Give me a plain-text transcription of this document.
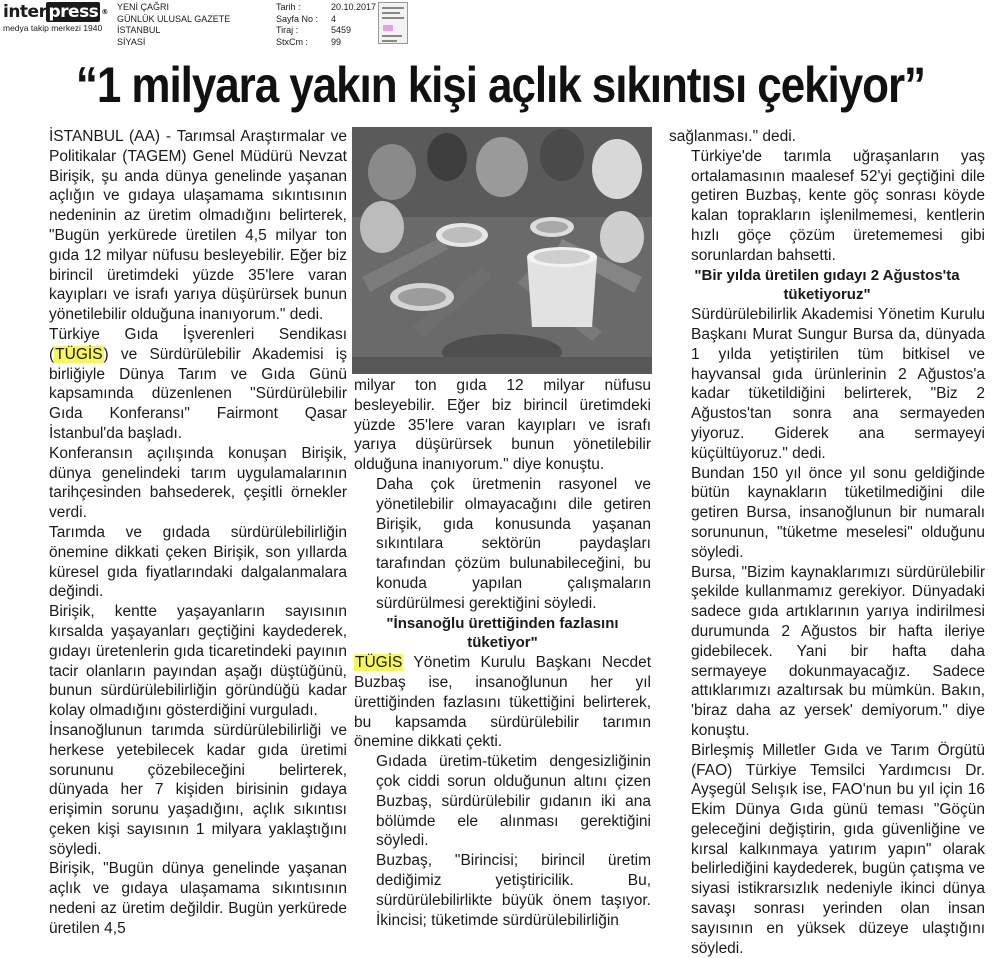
inter press ®
medya takip merkezi 1940
YENİ ÇAĞRI
GÜNLÜK ULUSAL GAZETE
İSTANBUL
SİYASİ
Tarih :	20.10.2017
Sayfa No :	4
Tiraj :	5459
StxCm :	99
“1 milyara yakın kişi açlık sıkıntısı çekiyor”

İSTANBUL (AA) - Tarımsal Araştırmalar ve Politikalar (TAGEM) Genel Müdürü Nevzat Birişik, şu anda dünya genelinde yaşanan açlığın ve gıdaya ulaşamama sıkıntısının nedeninin az üretim olmadığını belirterek, "Bugün yerkürede üretilen 4,5 milyar ton gıda 12 milyar nüfusu besleyebilir. Eğer biz birincil üretimdeki yüzde 35'lere varan kayıpları ve israfı yarıya düşürürsek bunun yönetilebilir olduğuna inanıyorum." dedi.

Türkiye Gıda İşverenleri Sendikası (TÜGİS) ve Sürdürülebilir Akademisi iş birliğiyle Dünya Tarım ve Gıda Günü kapsamında düzenlenen "Sürdürülebilir Gıda Konferansı" Fairmont Qasar İstanbul'da başladı.

Konferansın açılışında konuşan Birişik, dünya genelindeki tarım uygulamalarının tarihçesinden bahsederek, çeşitli örnekler verdi.

Tarımda ve gıdada sürdürülebilirliğin önemine dikkati çeken Birişik, son yıllarda küresel gıda fiyatlarındaki dalgalanmalara değindi.

Birişik, kentte yaşayanların sayısının kırsalda yaşayanları geçtiğini kaydederek, gıdayı üretenlerin gıda ticaretindeki payının tacir olanların payından aşağı düştüğünü, bunun sürdürülebilirliğin göründüğü kadar kolay olmadığını gösterdiğini vurguladı.

İnsanoğlunun tarımda sürdürülebilirliği ve herkese yetebilecek kadar gıda üretimi sorununu çözebileceğini belirterek, dünyada her 7 kişiden birisinin gıdaya erişimin sorunu yaşadığını, açlık sıkıntısı çeken kişi sayısının 1 milyara yaklaştığını söyledi.

Birişik, "Bugün dünya genelinde yaşanan açlık ve gıdaya ulaşamama sıkıntısının nedeni az üretim değildir. Bugün yerkürede üretilen 4,5

milyar ton gıda 12 milyar nüfusu besleyebilir. Eğer biz birincil üretimdeki yüzde 35'lere varan kayıpları ve israfı yarıya düşürürsek bunun yönetilebilir olduğuna inanıyorum." diye konuştu.

Daha çok üretmenin rasyonel ve yönetilebilir olmayacağını dile getiren Birişik, gıda konusunda yaşanan sıkıntılara sektörün paydaşları tarafından çözüm bulunabileceğini, bu konuda yapılan çalışmaların sürdürülmesi gerektiğini söyledi.

"İnsanoğlu ürettiğinden fazlasını tüketiyor"

TÜGİS Yönetim Kurulu Başkanı Necdet Buzbaş ise, insanoğlunun her yıl ürettiğinden fazlasını tükettiğini belirterek, bu kapsamda sürdürülebilir tarımın önemine dikkati çekti.

Gıdada üretim-tüketim dengesizliğinin çok ciddi sorun olduğunun altını çizen Buzbaş, sürdürülebilir gıdanın iki ana bölümde ele alınması gerektiğini söyledi.

Buzbaş, "Birincisi; birincil üretim dediğimiz yetiştiricilik. Bu, sürdürülebilirlikte büyük önem taşıyor. İkincisi; tüketimde sürdürülebilirliğin

sağlanması." dedi.

Türkiye'de tarımla uğraşanların yaş ortalamasının maalesef 52'yi geçtiğini dile getiren Buzbaş, kente göç sonrası köyde kalan toprakların işlenilmemesi, kentlerin hızlı göçe çözüm üretememesi gibi sorunlardan bahsetti.

"Bir yılda üretilen gıdayı 2 Ağustos'ta tüketiyoruz"

Sürdürülebilirlik Akademisi Yönetim Kurulu Başkanı Murat Sungur Bursa da, dünyada 1 yılda yetiştirilen tüm bitkisel ve hayvansal gıda ürünlerinin 2 Ağustos'a kadar tüketildiğini belirterek, "Biz 2 Ağustos'tan sonra ana sermayeden yiyoruz. Giderek ana sermayeyi küçültüyoruz." dedi.

Bundan 150 yıl önce yıl sonu geldiğinde bütün kaynakların tüketilmediğini dile getiren Bursa, insanoğlunun bir numaralı sorununun, "tüketme meselesi" olduğunu söyledi.

Bursa, "Bizim kaynaklarımızı sürdürülebilir şekilde kullanmamız gerekiyor. Dünyadaki sadece gıda artıklarının yarıya indirilmesi durumunda 2 Ağustos bir hafta ileriye gidebilecek. Yani bir hafta daha sermayeye dokunmayacağız. Sadece attıklarımızı azaltırsak bu mümkün. Bakın, 'biraz daha az yersek' demiyorum." diye konuştu.

Birleşmiş Milletler Gıda ve Tarım Örgütü (FAO) Türkiye Temsilci Yardımcısı Dr. Ayşegül Selışık ise, FAO'nun bu yıl için 16 Ekim Dünya Gıda günü teması "Göçün geleceğini değiştirin, gıda güvenliğine ve kırsal kalkınmaya yatırım yapın" olarak belirlediğini kaydederek, bugün çatışma ve siyasi istikrarsızlık nedeniyle ikinci dünya savaşı sonrası yerinden olan insan sayısının en yüksek düzeye ulaştığını söyledi.
